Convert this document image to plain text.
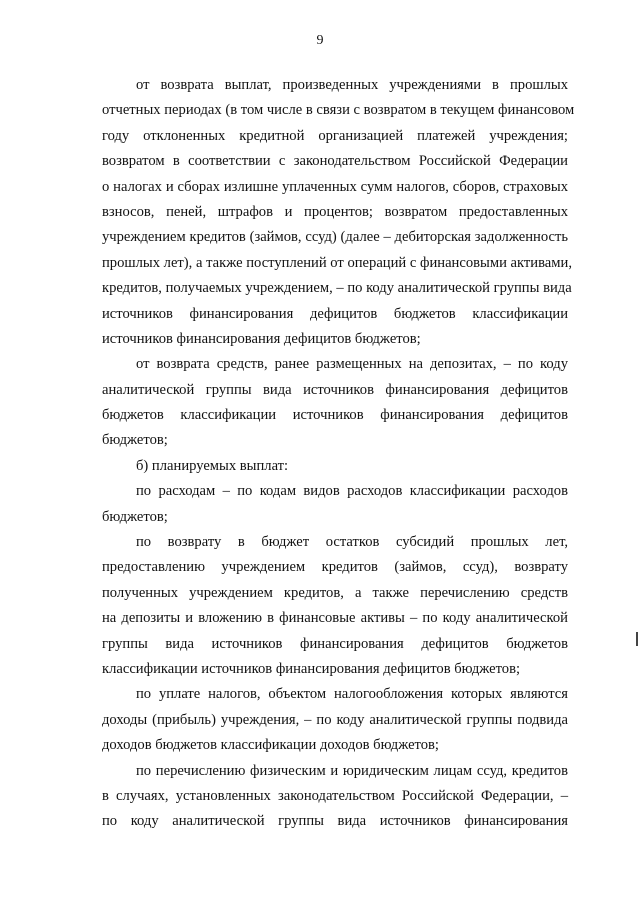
9
от возврата выплат, произведенных учреждениями в прошлых
отчетных периодах (в том числе в связи с возвратом в текущем финансовом
году отклоненных кредитной организацией платежей учреждения;
возвратом в соответствии с законодательством Российской Федерации
о налогах и сборах излишне уплаченных сумм налогов, сборов, страховых
взносов, пеней, штрафов и процентов; возвратом предоставленных
учреждением кредитов (займов, ссуд) (далее – дебиторская задолженность
прошлых лет), а также поступлений от операций с финансовыми активами,
кредитов, получаемых учреждением, – по коду аналитической группы вида
источников финансирования дефицитов бюджетов классификации
источников финансирования дефицитов бюджетов;
от возврата средств, ранее размещенных на депозитах, – по коду
аналитической группы вида источников финансирования дефицитов
бюджетов классификации источников финансирования дефицитов
бюджетов;
б) планируемых выплат:
по расходам – по кодам видов расходов классификации расходов
бюджетов;
по возврату в бюджет остатков субсидий прошлых лет,
предоставлению учреждением кредитов (займов, ссуд), возврату
полученных учреждением кредитов, а также перечислению средств
на депозиты и вложению в финансовые активы – по коду аналитической
группы вида источников финансирования дефицитов бюджетов
классификации источников финансирования дефицитов бюджетов;
по уплате налогов, объектом налогообложения которых являются
доходы (прибыль) учреждения, – по коду аналитической группы подвида
доходов бюджетов классификации доходов бюджетов;
по перечислению физическим и юридическим лицам ссуд, кредитов
в случаях, установленных законодательством Российской Федерации, –
по коду аналитической группы вида источников финансирования
